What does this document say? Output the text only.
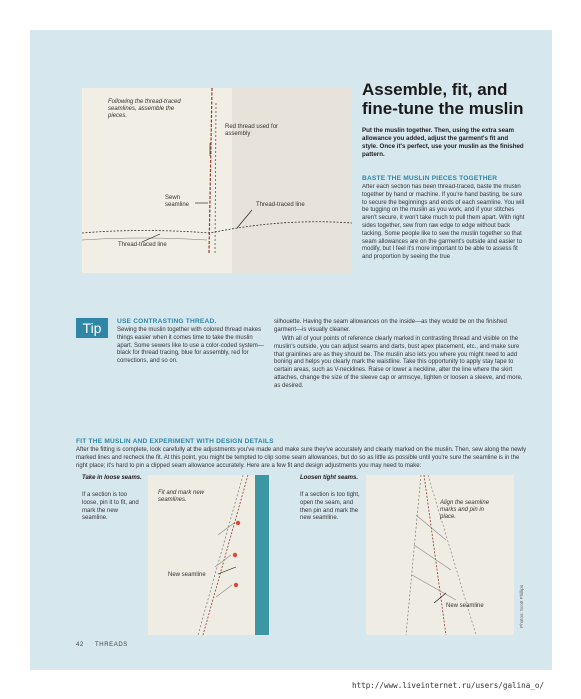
Following the thread-traced seamlines, assemble the pieces.
Red thread used for assembly
Sewn seamline	Thread-traced line
Thread-traced line
Assemble, fit, and fine-tune the muslin
Put the muslin together. Then, using the extra seam allowance you added, adjust the garment's fit and style. Once it's perfect, use your muslin as the finished pattern.
BASTE THE MUSLIN PIECES TOGETHER
After each section has been thread-traced, baste the muslin together by hand or machine. If you're hand basting, be sure to secure the beginnings and ends of each seamline. You will be tugging on the muslin as you work, and if your stitches aren't secure, it won't take much to pull them apart. With right sides together, sew from raw edge to edge without back tacking. Some people like to sew the muslin together so that seam allowances are on the garment's outside and easier to modify, but I feel it's more important to be able to assess fit and proportion by seeing the true
silhouette. Having the seam allowances on the inside—as they would be on the finished garment—is visually cleaner.
With all of your points of reference clearly marked in contrasting thread and visible on the muslin's outside, you can adjust seams and darts, bust apex placement, etc., and make sure that grainlines are as they should be. The muslin also lets you where you might need to add boning and helps you clearly mark the waistline. Take this opportunity to apply stay tape to certain areas, such as V-necklines. Raise or lower a neckline, alter the line where the skirt attaches, change the size of the sleeve cap or armscye, tighten or loosen a sleeve, and more, as desired.
Tip	USE CONTRASTING THREAD.
Sewing the muslin together with colored thread makes things easier when it comes time to take the muslin apart. Some sewers like to use a color-coded system—black for thread tracing, blue for assembly, red for corrections, and so on.
FIT THE MUSLIN AND EXPERIMENT WITH DESIGN DETAILS
After the fitting is complete, look carefully at the adjustments you've made and make sure they've accurately and clearly marked on the muslin. Then, sew along the newly marked lines and recheck the fit. At this point, you might be tempted to clip some seam allowances, but do so as little as possible until you're sure the seamline is in the right place; it's hard to pin a clipped seam allowance accurately. Here are a few fit and design adjustments you may need to make:
Take in loose seams.
If a section is too loose, pin it to fit, and mark the new seamline.
Fit and mark new seamlines.
New seamline
Loosen tight seams.
If a section is too tight, open the seam, and then pin and mark the new seamline.
Align the seamline marks and pin in place.
New seamline	Photos: Scott Phillips
42 THREADS
http://www.liveinternet.ru/users/galina_o/
